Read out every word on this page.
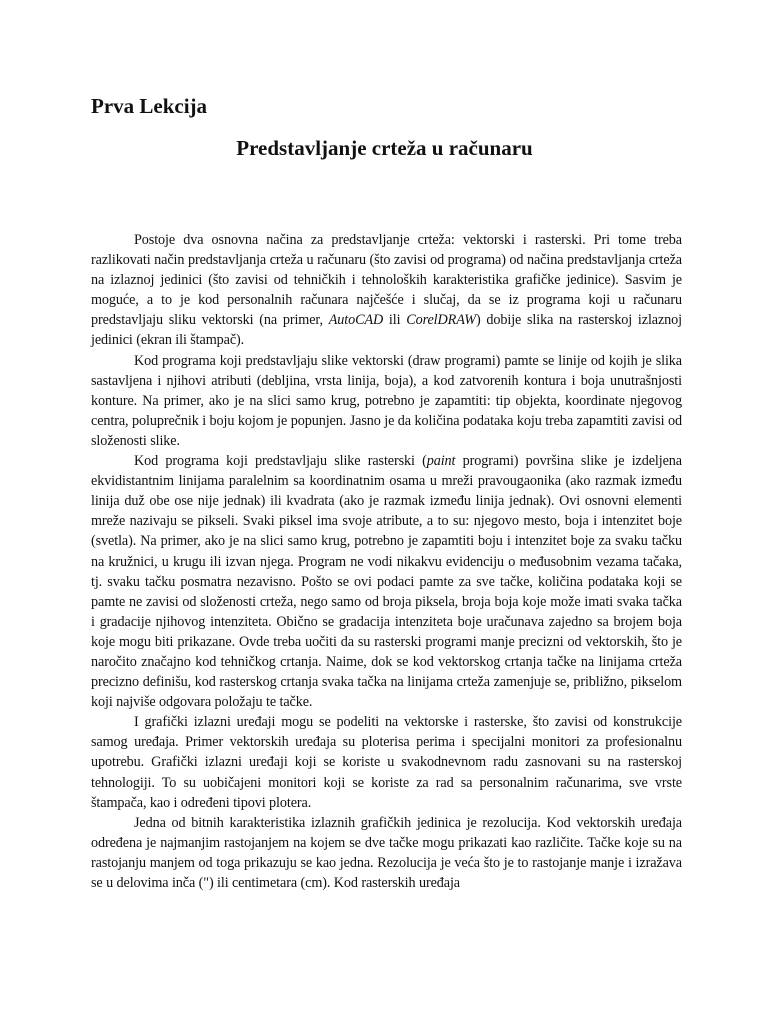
Prva Lekcija
Predstavljanje crteža u računaru

Postoje dva osnovna načina za predstavljanje crteža: vektorski i rasterski. Pri tome treba razlikovati način predstavljanja crteža u računaru (što zavisi od programa) od načina predstavljanja crteža na izlaznoj jedinici (što zavisi od tehničkih i tehnoloških karakteristika grafičke jedinice). Sasvim je moguće, a to je kod personalnih računara najčešće i slučaj, da se iz programa koji u računaru predstavljaju sliku vektorski (na primer, AutoCAD ili CorelDRAW) dobije slika na rasterskoj izlaznoj jedinici (ekran ili štampač).

Kod programa koji predstavljaju slike vektorski (draw programi) pamte se linije od kojih je slika sastavljena i njihovi atributi (debljina, vrsta linija, boja), a kod zatvorenih kontura i boja unutrašnjosti konture. Na primer, ako je na slici samo krug, potrebno je zapamtiti: tip objekta, koordinate njegovog centra, poluprečnik i boju kojom je popunjen. Jasno je da količina podataka koju treba zapamtiti zavisi od složenosti slike.

Kod programa koji predstavljaju slike rasterski (paint programi) površina slike je izdeljena ekvidistantnim linijama paralelnim sa koordinatnim osama u mreži pravougaonika (ako razmak između linija duž obe ose nije jednak) ili kvadrata (ako je razmak između linija jednak). Ovi osnovni elementi mreže nazivaju se pikseli. Svaki piksel ima svoje atribute, a to su: njegovo mesto, boja i intenzitet boje (svetla). Na primer, ako je na slici samo krug, potrebno je zapamtiti boju i intenzitet boje za svaku tačku na kružnici, u krugu ili izvan njega. Program ne vodi nikakvu evidenciju o međusobnim vezama tačaka, tj. svaku tačku posmatra nezavisno. Pošto se ovi podaci pamte za sve tačke, količina podataka koji se pamte ne zavisi od složenosti crteža, nego samo od broja piksela, broja boja koje može imati svaka tačka i gradacije njihovog intenziteta. Obično se gradacija intenziteta boje uračunava zajedno sa brojem boja koje mogu biti prikazane. Ovde treba uočiti da su rasterski programi manje precizni od vektorskih, što je naročito značajno kod tehničkog crtanja. Naime, dok se kod vektorskog crtanja tačke na linijama crteža precizno definišu, kod rasterskog crtanja svaka tačka na linijama crteža zamenjuje se, približno, pikselom koji najviše odgovara položaju te tačke.

I grafički izlazni uređaji mogu se podeliti na vektorske i rasterske, što zavisi od konstrukcije samog uređaja. Primer vektorskih uređaja su ploterisa perima i specijalni monitori za profesionalnu upotrebu. Grafički izlazni uređaji koji se koriste u svakodnevnom radu zasnovani su na rasterskoj tehnologiji. To su uobičajeni monitori koji se koriste za rad sa personalnim računarima, sve vrste štampača, kao i određeni tipovi plotera.

Jedna od bitnih karakteristika izlaznih grafičkih jedinica je rezolucija. Kod vektorskih uređaja određena je najmanjim rastojanjem na kojem se dve tačke mogu prikazati kao različite. Tačke koje su na rastojanju manjem od toga prikazuju se kao jedna. Rezolucija je veća što je to rastojanje manje i izražava se u delovima inča (") ili centimetara (cm). Kod rasterskih uređaja
